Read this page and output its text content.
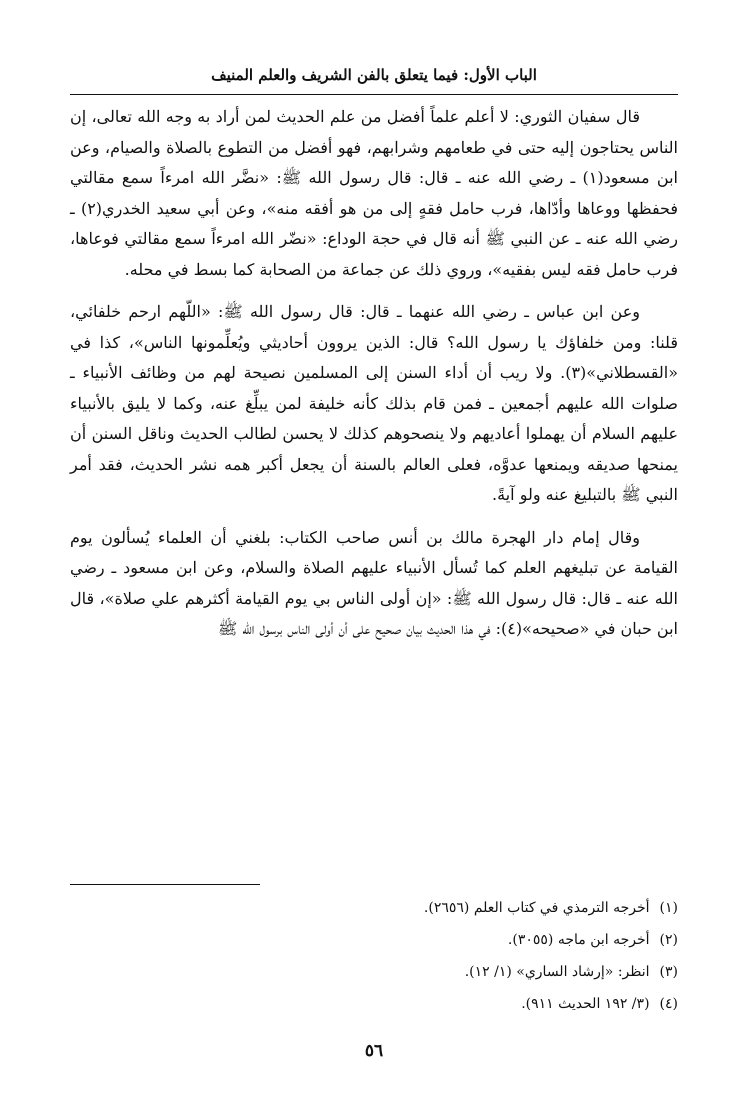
الباب الأول: فيما يتعلق بالفن الشريف والعلم المنيف

قال سفيان الثوري: لا أعلم علماً أفضل من علم الحديث لمن أراد به وجه الله تعالى، إن الناس يحتاجون إليه حتى في طعامهم وشرابهم، فهو أفضل من التطوع بالصلاة والصيام، وعن ابن مسعود(١) ـ رضي الله عنه ـ قال: قال رسول الله ﷺ: «نضَّر الله امرءاً سمع مقالتي فحفظها ووعاها وأدّاها، فرب حامل فقهٍ إلى من هو أفقه منه»، وعن أبي سعيد الخدري(٢) ـ رضي الله عنه ـ عن النبي ﷺ أنه قال في حجة الوداع: «نضّر الله امرءاً سمع مقالتي فوعاها، فرب حامل فقه ليس بفقيه»، وروي ذلك عن جماعة من الصحابة كما بسط في محله.

وعن ابن عباس ـ رضي الله عنهما ـ قال: قال رسول الله ﷺ: «اللّهم ارحم خلفائي، قلنا: ومن خلفاؤك يا رسول الله؟ قال: الذين يروون أحاديثي ويُعلِّمونها الناس»، كذا في «القسطلاني»(٣). ولا ريب أن أداء السنن إلى المسلمين نصيحة لهم من وظائف الأنبياء ـ صلوات الله عليهم أجمعين ـ فمن قام بذلك كأنه خليفة لمن يبلِّغ عنه، وكما لا يليق بالأنبياء عليهم السلام أن يهملوا أعاديهم ولا ينصحوهم كذلك لا يحسن لطالب الحديث وناقل السنن أن يمنحها صديقه ويمنعها عدوَّه، فعلى العالم بالسنة أن يجعل أكبر همه نشر الحديث، فقد أمر النبي ﷺ بالتبليغ عنه ولو آيةً.

وقال إمام دار الهجرة مالك بن أنس صاحب الكتاب: بلغني أن العلماء يُسألون يوم القيامة عن تبليغهم العلم كما تُسأل الأنبياء عليهم الصلاة والسلام، وعن ابن مسعود ـ رضي الله عنه ـ قال: قال رسول الله ﷺ: «إن أولى الناس بي يوم القيامة أكثرهم علي صلاة»، قال ابن حبان في «صحيحه»(٤): في هذا الحديث بيان صحيح على أن أولى الناس برسول الله ﷺ

(١)أخرجه الترمذي في كتاب العلم (٢٦٥٦).
(٢)أخرجه ابن ماجه (٣٠٥٥).
(٣)انظر: «إرشاد الساري» (١/ ١٢).
(٤)(٣/ ١٩٢ الحديث ٩١١).
٥٦
